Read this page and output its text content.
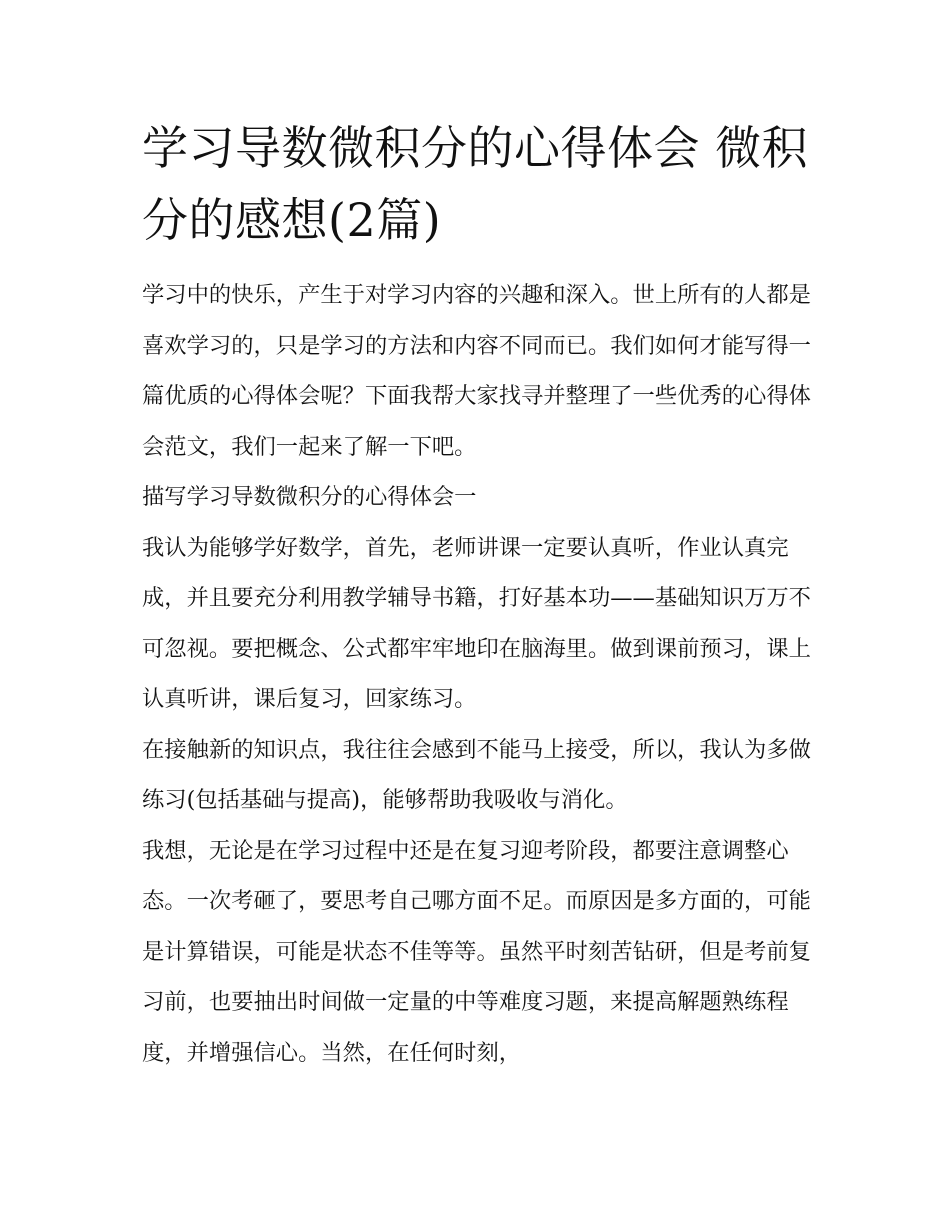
学习导数微积分的心得体会 微积分的感想(2篇)

学习中的快乐，产生于对学习内容的兴趣和深入。世上所有的人都是喜欢学习的，只是学习的方法和内容不同而已。我们如何才能写得一篇优质的心得体会呢？下面我帮大家找寻并整理了一些优秀的心得体会范文，我们一起来了解一下吧。

描写学习导数微积分的心得体会一

我认为能够学好数学，首先，老师讲课一定要认真听，作业认真完成，并且要充分利用教学辅导书籍，打好基本功——基础知识万万不可忽视。要把概念、公式都牢牢地印在脑海里。做到课前预习，课上认真听讲，课后复习，回家练习。

在接触新的知识点，我往往会感到不能马上接受，所以，我认为多做练习(包括基础与提高)，能够帮助我吸收与消化。

我想，无论是在学习过程中还是在复习迎考阶段，都要注意调整心态。一次考砸了，要思考自己哪方面不足。而原因是多方面的，可能是计算错误，可能是状态不佳等等。虽然平时刻苦钻研，但是考前复习前，也要抽出时间做一定量的中等难度习题，来提高解题熟练程度，并增强信心。当然，在任何时刻，
